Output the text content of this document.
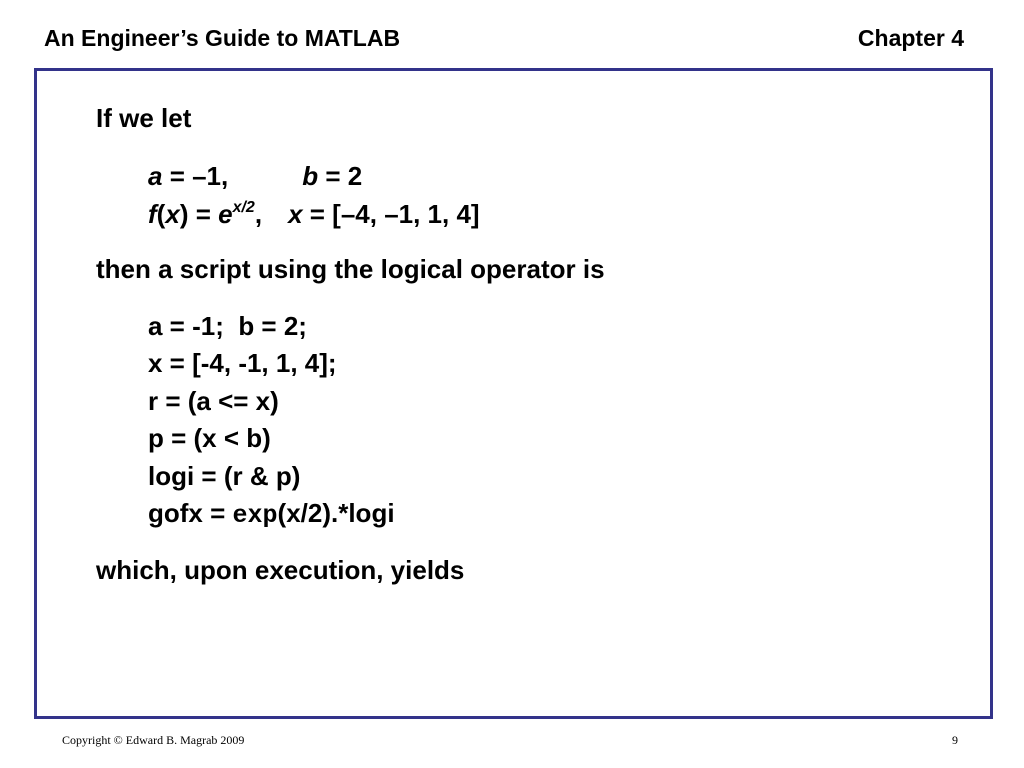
An Engineer’s Guide to MATLAB	Chapter 4
If we let
a = –1,	b = 2
$f(x) = e^{x/2}$, x = [–4, –1, 1, 4]
then a script using the logical operator is
a = -1;  b = 2;
x = [-4, -1, 1, 4];
r = (a <= x)
p = (x < b)
logi = (r & p)
gofx = exp(x/2).*logi
which, upon execution, yields
Copyright © Edward B. Magrab 2009	9
